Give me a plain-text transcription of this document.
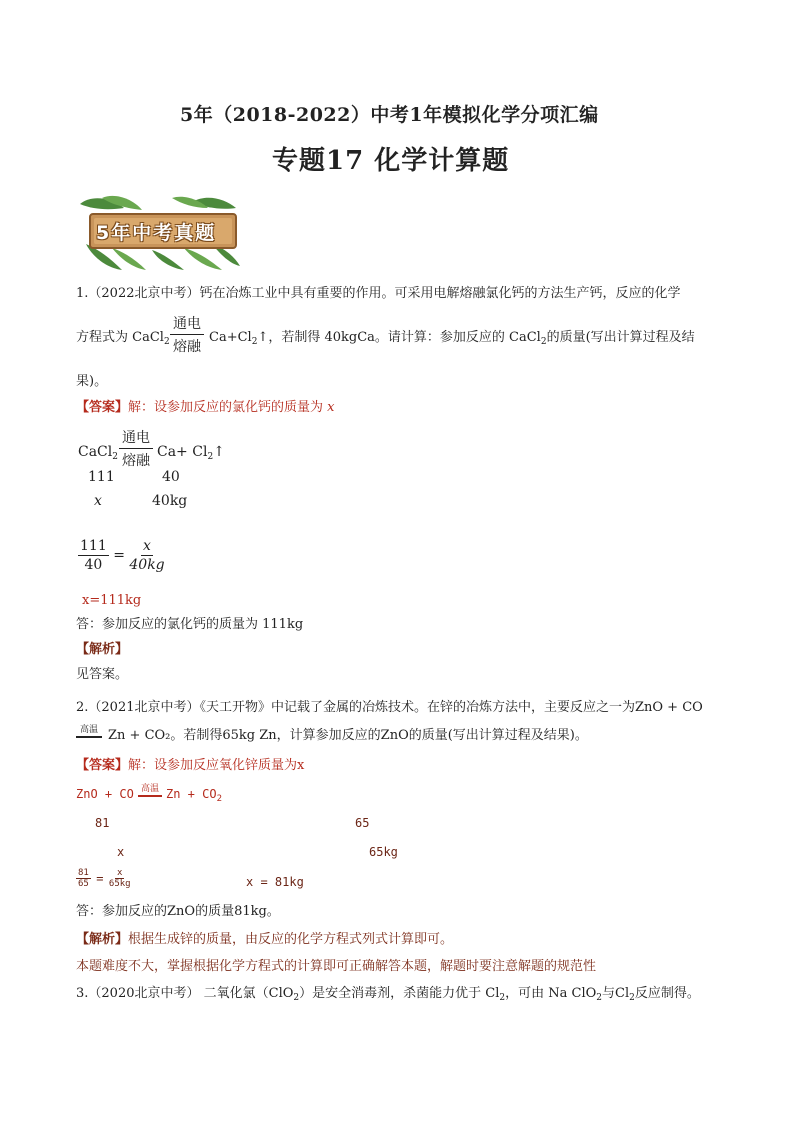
5年（2018-2022）中考1年模拟化学分项汇编
专题17 化学计算题
5年中考真题
1.（2022北京中考）钙在冶炼工业中具有重要的作用。可采用电解熔融氯化钙的方法生产钙，反应的化学
方程式为 CaCl$_2$
通电
熔融
$Ca+Cl_2↑$，若制得 40kgCa。请计算：参加反应的 CaCl$_2$的质量(写出计算过程及结
果)。
【答案】解：设参加反应的氯化钙的质量为 x
CaCl$_2$
通电
熔融
$Ca+ Cl_2↑$
111	40
x	40kg
$\frac{111}{40} = \frac{x}{40kg}$
x=111kg
答：参加反应的氯化钙的质量为 111kg
【解析】
见答案。
2.（2021北京中考）《天工开物》中记载了金属的冶炼技术。在锌的冶炼方法中，主要反应之一为ZnO + CO
高温 Zn + CO₂。若制得65kg Zn，计算参加反应的ZnO的质量(写出计算过程及结果)。
【答案】解：设参加反应氧化锌质量为x
ZnO + CO 高温 $Zn + CO_2$
81	65
x	65kg
$\frac{81}{65} = \frac{x}{65kg}$	x = 81kg
答：参加反应的ZnO的质量81kg。
【解析】根据生成锌的质量，由反应的化学方程式列式计算即可。
本题难度不大，掌握根据化学方程式的计算即可正确解答本题，解题时要注意解题的规范性
3.（2020北京中考） 二氧化氯（ClO$_2$）是安全消毒剂，杀菌能力优于 $Cl_2$，可由 Na ClO$_2$与$Cl_2$反应制得。
